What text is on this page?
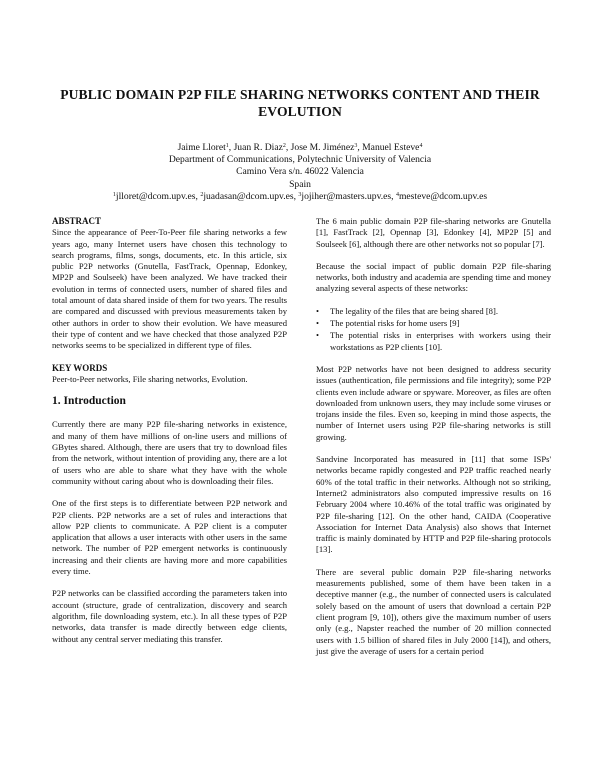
PUBLIC DOMAIN P2P FILE SHARING NETWORKS CONTENT AND THEIR EVOLUTION
Jaime Lloret$^1$, Juan R. Diaz$^2$, Jose M. Jiménez$^3$, Manuel Esteve$^4$
Department of Communications, Polytechnic University of Valencia
Camino Vera s/n. 46022 Valencia
Spain
$^1$jlloret@dcom.upv.es, $^2$juadasan@dcom.upv.es, $^3$jojiher@masters.upv.es, $^4$mesteve@dcom.upv.es
ABSTRACT

Since the appearance of Peer-To-Peer file sharing networks a few years ago, many Internet users have chosen this technology to search programs, films, songs, documents, etc. In this article, six public P2P networks (Gnutella, FastTrack, Opennap, Edonkey, MP2P and Soulseek) have been analyzed. We have tracked their evolution in terms of connected users, number of shared files and total amount of data shared inside of them for two years. The results are compared and discussed with previous measurements taken by other authors in order to show their evolution. We have measured their type of content and we have checked that those analyzed P2P networks seems to be specialized in different type of files.

KEY WORDS

Peer-to-Peer networks, File sharing networks, Evolution.

1. Introduction

Currently there are many P2P file-sharing networks in existence, and many of them have millions of on-line users and millions of GBytes shared. Although, there are users that try to download files from the network, without intention of providing any, there are a lot of users who are able to share what they have with the whole community without caring about who is downloading their files.

One of the first steps is to differentiate between P2P network and P2P clients. P2P networks are a set of rules and interactions that allow P2P clients to communicate. A P2P client is a computer application that allows a user interacts with other users in the same network. The number of P2P emergent networks is continuously increasing and their clients are having more and more capabilities every time.

P2P networks can be classified according the parameters taken into account (structure, grade of centralization, discovery and search algorithm, file downloading system, etc.). In all these types of P2P networks, data transfer is made directly between edge clients, without any central server mediating this transfer.

The 6 main public domain P2P file-sharing networks are Gnutella [1], FastTrack [2], Opennap [3], Edonkey [4], MP2P [5] and Soulseek [6], although there are other networks not so popular [7].

Because the social impact of public domain P2P file-sharing networks, both industry and academia are spending time and money analyzing several aspects of these networks:

• The legality of the files that are being shared [8].
• The potential risks for home users [9]
• The potential risks in enterprises with workers using their workstations as P2P clients [10].

Most P2P networks have not been designed to address security issues (authentication, file permissions and file integrity); some P2P clients even include adware or spyware. Moreover, as files are often downloaded from unknown users, they may include some viruses or trojans inside the files. Even so, keeping in mind those aspects, the number of Internet users using P2P file-sharing networks is still growing.

Sandvine Incorporated has measured in [11] that some ISPs' networks became rapidly congested and P2P traffic reached nearly 60% of the total traffic in their networks. Although not so striking, Internet2 administrators also computed impressive results on 16 February 2004 where 10.46% of the total traffic was originated by P2P file-sharing [12]. On the other hand, CAIDA (Cooperative Association for Internet Data Analysis) also shows that Internet traffic is mainly dominated by HTTP and P2P file-sharing protocols [13].

There are several public domain P2P file-sharing networks measurements published, some of them have been taken in a deceptive manner (e.g., the number of connected users is calculated solely based on the amount of users that download a certain P2P client program [9, 10]), others give the maximum number of users only (e.g., Napster reached the number of 20 million connected users with 1.5 billion of shared files in July 2000 [14]), and others, just give the average of users for a certain period
